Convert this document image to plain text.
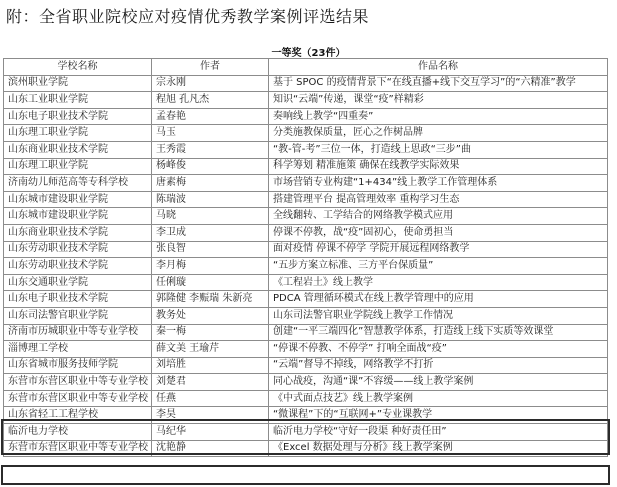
附：全省职业院校应对疫情优秀教学案例评选结果
一等奖（23件）
学校名称	作者	作品名称
滨州职业学院	宗永刚	基于 SPOC 的疫情背景下“在线直播+线下交互学习”的“六精准”教学
山东工业职业学院	程旭 孔凡杰	知识“云端”传递，课堂“疫”样精彩
山东电子职业技术学院	孟春艳	奏响线上教学“四重奏”
山东理工职业学院	马玉	分类施教保质量，匠心之作树品牌
山东商业职业技术学院	王秀霞	“教-管-考”三位一体，打造线上思政“三步”曲
山东理工职业学院	杨峰俊	科学筹划 精准施策 确保在线教学实际效果
济南幼儿师范高等专科学校	唐素梅	市场营销专业构建“1+434”线上教学工作管理体系
山东城市建设职业学院	陈瑞波	搭建管理平台 提高管理效率 重构学习生态
山东城市建设职业学院	马晓	全线翻转、工学结合的网络教学模式应用
山东商业职业技术学院	李卫成	停课不停教，战“疫”固初心，使命勇担当
山东劳动职业技术学院	张良智	面对疫情 停课不停学 学院开展远程网络教学
山东劳动职业技术学院	李月梅	“五步方案立标准、三方平台保质量”
山东交通职业学院	任俐璇	《工程岩土》线上教学
山东电子职业技术学院	郭隆健 李赈瑞 朱新亮	PDCA 管理循环模式在线上教学管理中的应用
山东司法警官职业学院	教务处	山东司法警官职业学院线上教学工作情况
济南市历城职业中等专业学校	秦一梅	创建“一平三端四化”智慧教学体系，打造线上线下实质等效课堂
淄博理工学校	薛文美 王瑜芹	“停课不停教、不停学” 打响全面战“疫”
山东省城市服务技师学院	刘培胜	“云端”督导不掉线，网络教学不打折
东营市东营区职业中等专业学校	刘楚君	同心战疫，沟通“课”不容缓——线上教学案例
东营市东营区职业中等专业学校	任燕	《中式面点技艺》线上教学案例
山东省轻工工程学校	李昊	“微课程”下的“互联网+”专业课教学
临沂电力学校	马纪华	临沂电力学校“守好一段渠 种好责任田”
东营市东营区职业中等专业学校	沈艳静	《Excel 数据处理与分析》线上教学案例
